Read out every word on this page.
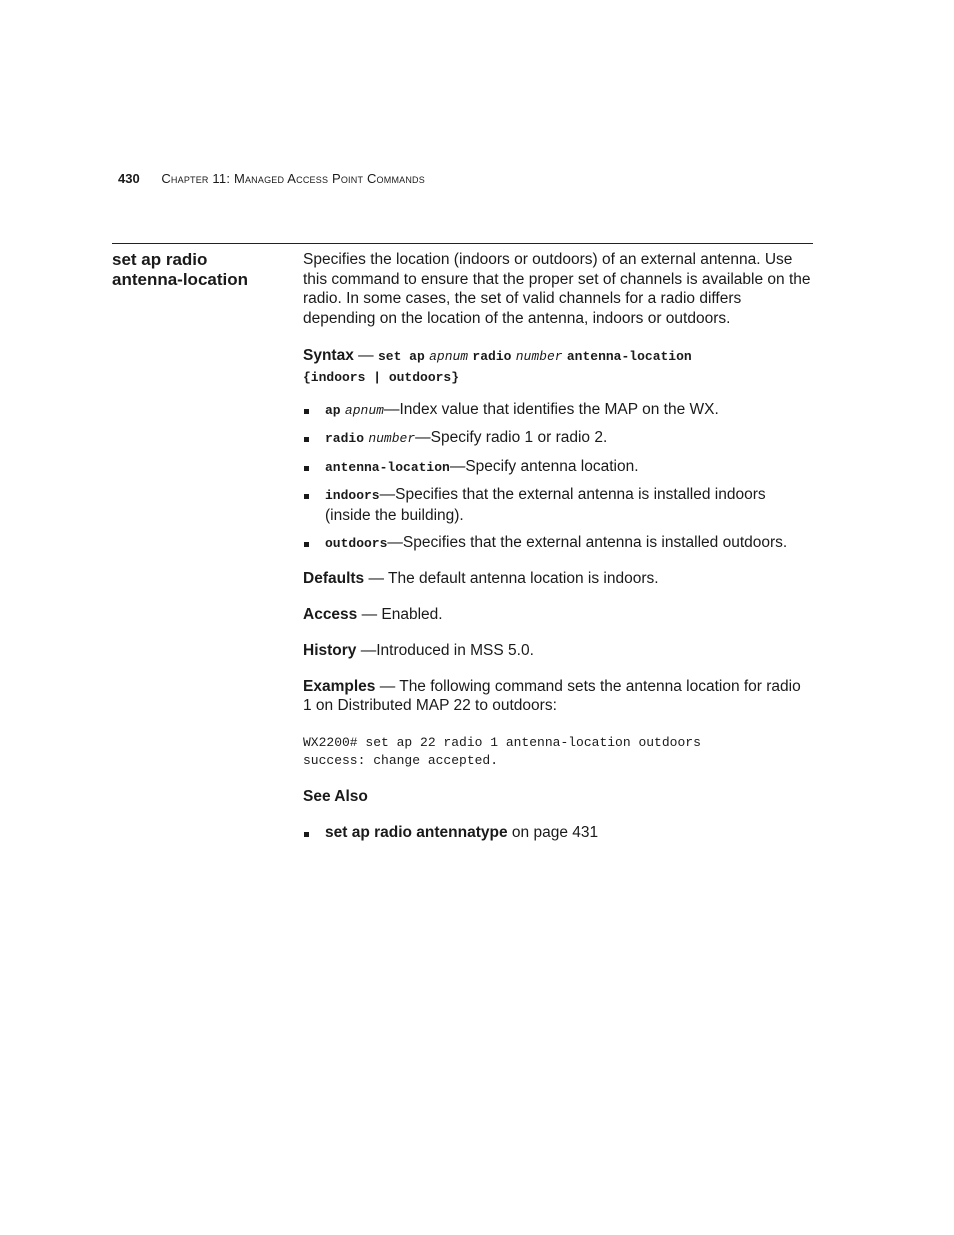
430 Chapter 11: Managed Access Point Commands
set ap radio
antenna-location

Specifies the location (indoors or outdoors) of an external antenna. Use this command to ensure that the proper set of channels is available on the radio. In some cases, the set of valid channels for a radio differs depending on the location of the antenna, indoors or outdoors.

Syntax — set ap apnum radio number antenna-location
{indoors | outdoors}

ap apnum—Index value that identifies the MAP on the WX.
radio number—Specify radio 1 or radio 2.
antenna-location—Specify antenna location.
indoors—Specifies that the external antenna is installed indoors (inside the building).
outdoors—Specifies that the external antenna is installed outdoors.

Defaults — The default antenna location is indoors.

Access — Enabled.

History —Introduced in MSS 5.0.

Examples — The following command sets the antenna location for radio 1 on Distributed MAP 22 to outdoors:

WX2200# set ap 22 radio 1 antenna-location outdoors
success: change accepted.

See Also

set ap radio antennatype on page 431
